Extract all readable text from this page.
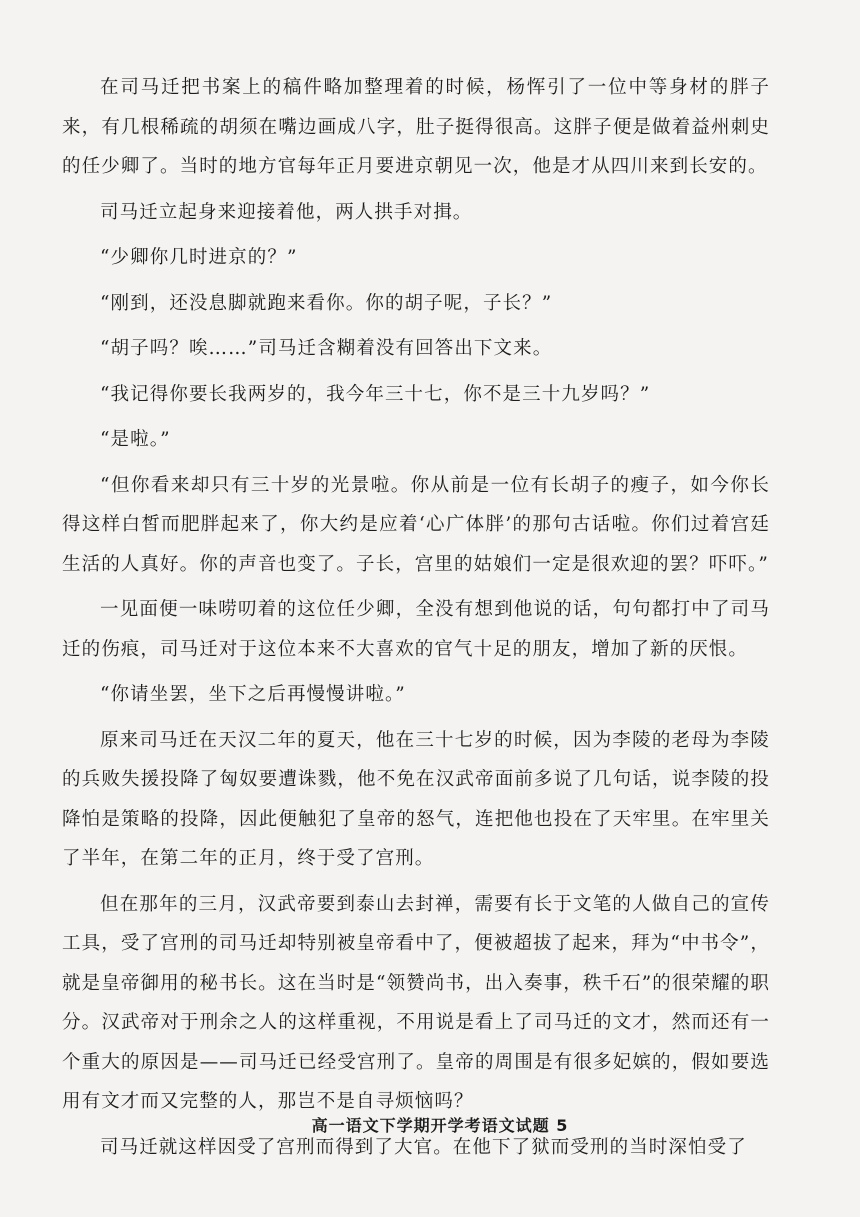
在司马迁把书案上的稿件略加整理着的时候，杨恽引了一位中等身材的胖子来，有几根稀疏的胡须在嘴边画成八字，肚子挺得很高。这胖子便是做着益州刺史的任少卿了。当时的地方官每年正月要进京朝见一次，他是才从四川来到长安的。

司马迁立起身来迎接着他，两人拱手对揖。

“少卿你几时进京的？”

“刚到，还没息脚就跑来看你。你的胡子呢，子长？”

“胡子吗？唉……”司马迁含糊着没有回答出下文来。

“我记得你要长我两岁的，我今年三十七，你不是三十九岁吗？”

“是啦。”

“但你看来却只有三十岁的光景啦。你从前是一位有长胡子的瘦子，如今你长得这样白皙而肥胖起来了，你大约是应着‘心广体胖’的那句古话啦。你们过着宫廷生活的人真好。你的声音也变了。子长，宫里的姑娘们一定是很欢迎的罢？吓吓。”

一见面便一味唠叨着的这位任少卿，全没有想到他说的话，句句都打中了司马迁的伤痕，司马迁对于这位本来不大喜欢的官气十足的朋友，增加了新的厌恨。

“你请坐罢，坐下之后再慢慢讲啦。”

原来司马迁在天汉二年的夏天，他在三十七岁的时候，因为李陵的老母为李陵的兵败失援投降了匈奴要遭诛戮，他不免在汉武帝面前多说了几句话，说李陵的投降怕是策略的投降，因此便触犯了皇帝的怒气，连把他也投在了天牢里。在牢里关了半年，在第二年的正月，终于受了宫刑。

但在那年的三月，汉武帝要到泰山去封禅，需要有长于文笔的人做自己的宣传工具，受了宫刑的司马迁却特别被皇帝看中了，便被超拔了起来，拜为“中书令”，就是皇帝御用的秘书长。这在当时是“领赞尚书，出入奏事，秩千石”的很荣耀的职分。汉武帝对于刑余之人的这样重视，不用说是看上了司马迁的文才，然而还有一个重大的原因是——司马迁已经受宫刑了。皇帝的周围是有很多妃嫔的，假如要选用有文才而又完整的人，那岂不是自寻烦恼吗？

司马迁就这样因受了宫刑而得到了大官。在他下了狱而受刑的当时深怕受了

高一语文下学期开学考语文试题 5
